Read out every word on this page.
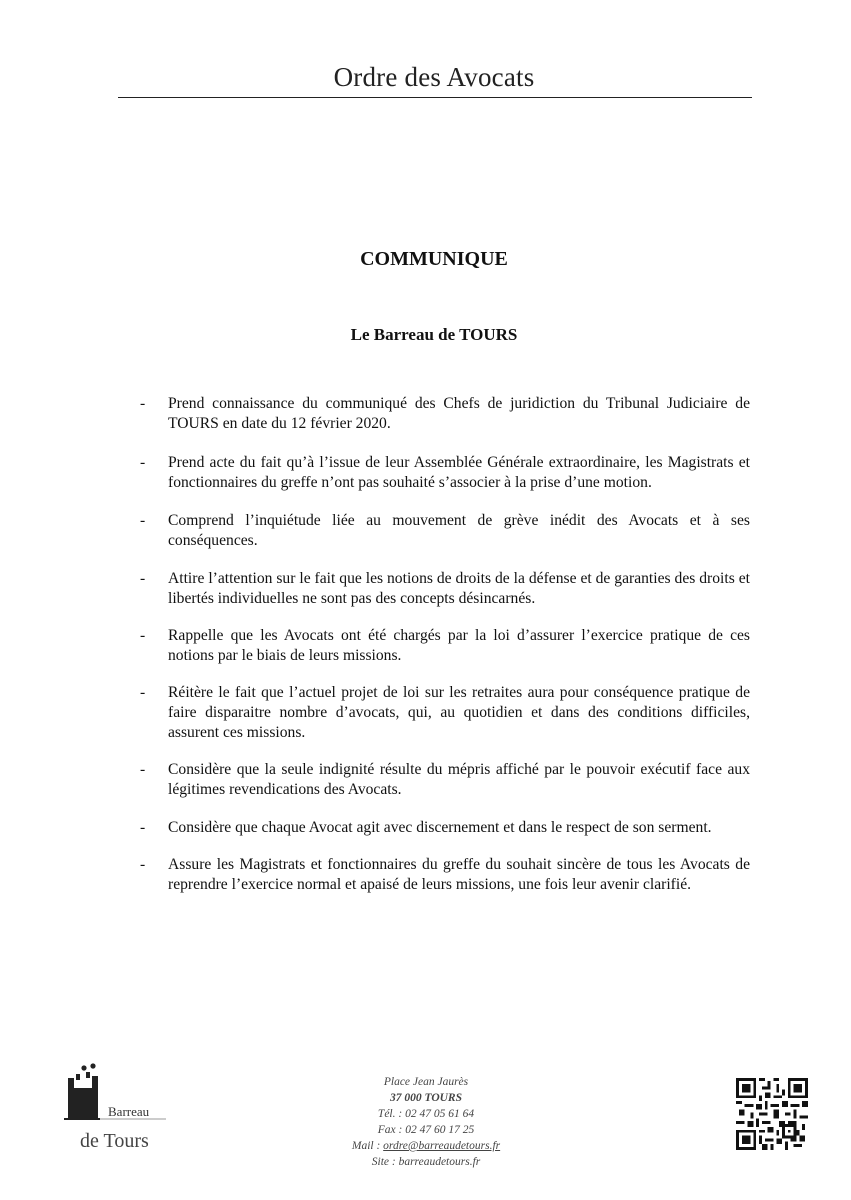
Ordre des Avocats
COMMUNIQUE
Le Barreau de TOURS
- Prend connaissance du communiqué des Chefs de juridiction du Tribunal Judiciaire de TOURS en date du 12 février 2020.
- Prend acte du fait qu’à l’issue de leur Assemblée Générale extraordinaire, les Magistrats et fonctionnaires du greffe n’ont pas souhaité s’associer à la prise d’une motion.
- Comprend l’inquiétude liée au mouvement de grève inédit des Avocats et à ses conséquences.
- Attire l’attention sur le fait que les notions de droits de la défense et de garanties des droits et libertés individuelles ne sont pas des concepts désincarnés.
- Rappelle que les Avocats ont été chargés par la loi d’assurer l’exercice pratique de ces notions par le biais de leurs missions.
- Réitère le fait que l’actuel projet de loi sur les retraites aura pour conséquence pratique de faire disparaitre nombre d’avocats, qui, au quotidien et dans des conditions difficiles, assurent ces missions.
- Considère que la seule indignité résulte du mépris affiché par le pouvoir exécutif face aux légitimes revendications des Avocats.
- Considère que chaque Avocat agit avec discernement et dans le respect de son serment.
- Assure les Magistrats et fonctionnaires du greffe du souhait sincère de tous les Avocats de reprendre l’exercice normal et apaisé de leurs missions, une fois leur avenir clarifié.
Barreau
de Tours
Place Jean Jaurès
37 000 TOURS
Tél. : 02 47 05 61 64
Fax : 02 47 60 17 25
Mail : ordre@barreaudetours.fr
Site : barreaudetours.fr
